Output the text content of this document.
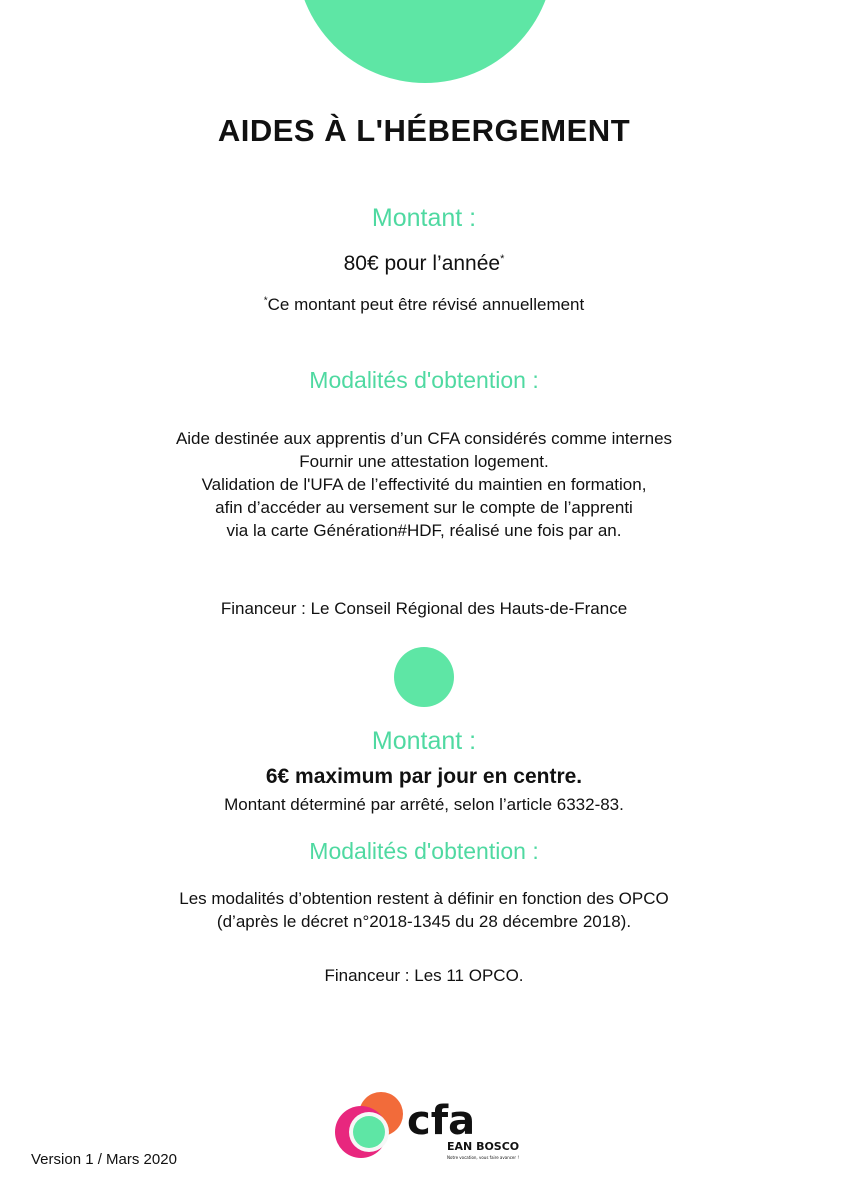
AIDES À L'HÉBERGEMENT
Montant :
80€ pour l’année*
*Ce montant peut être révisé annuellement
Modalités d'obtention :
Aide destinée aux apprentis d’un CFA considérés comme internes
Fournir une attestation logement.
Validation de l'UFA de l’effectivité du maintien en formation,
afin d’accéder au versement sur le compte de l’apprenti
via la carte Génération#HDF, réalisé une fois par an.
Financeur : Le Conseil Régional des Hauts-de-France
Montant :
6€ maximum par jour en centre.
Montant déterminé par arrêté, selon l’article 6332-83.
Modalités d'obtention :
Les modalités d’obtention restent à définir en fonction des OPCO
(d’après le décret n°2018-1345 du 28 décembre 2018).
Financeur : Les 11 OPCO.
Version 1 / Mars 2020
cfa
EAN BOSCO
Notre vocation, vous faire avancer !
